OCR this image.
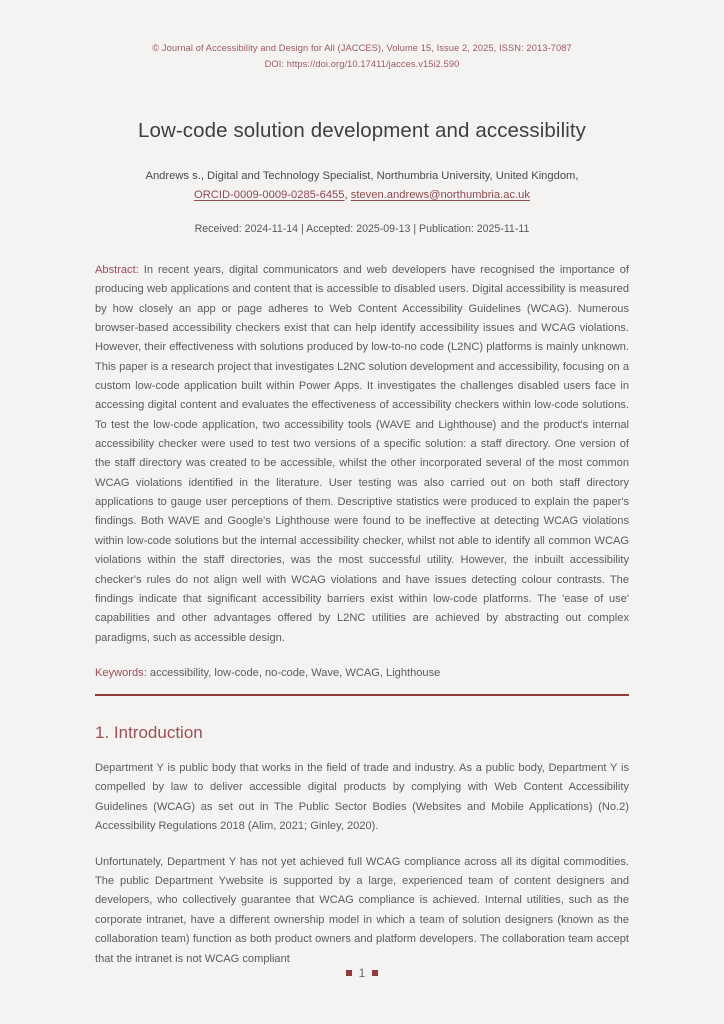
© Journal of Accessibility and Design for All (JACCES), Volume 15, Issue 2, 2025, ISSN: 2013-7087
DOI: https://doi.org/10.17411/jacces.v15i2.590
Low-code solution development and accessibility
Andrews s., Digital and Technology Specialist, Northumbria University, United Kingdom,
ORCID-0009-0009-0285-6455, steven.andrews@northumbria.ac.uk
Received: 2024-11-14 | Accepted: 2025-09-13 | Publication: 2025-11-11

Abstract: In recent years, digital communicators and web developers have recognised the importance of producing web applications and content that is accessible to disabled users. Digital accessibility is measured by how closely an app or page adheres to Web Content Accessibility Guidelines (WCAG). Numerous browser-based accessibility checkers exist that can help identify accessibility issues and WCAG violations. However, their effectiveness with solutions produced by low-to-no code (L2NC) platforms is mainly unknown. This paper is a research project that investigates L2NC solution development and accessibility, focusing on a custom low-code application built within Power Apps. It investigates the challenges disabled users face in accessing digital content and evaluates the effectiveness of accessibility checkers within low-code solutions. To test the low-code application, two accessibility tools (WAVE and Lighthouse) and the product's internal accessibility checker were used to test two versions of a specific solution: a staff directory. One version of the staff directory was created to be accessible, whilst the other incorporated several of the most common WCAG violations identified in the literature. User testing was also carried out on both staff directory applications to gauge user perceptions of them. Descriptive statistics were produced to explain the paper's findings. Both WAVE and Google's Lighthouse were found to be ineffective at detecting WCAG violations within low-code solutions but the internal accessibility checker, whilst not able to identify all common WCAG violations within the staff directories, was the most successful utility. However, the inbuilt accessibility checker's rules do not align well with WCAG violations and have issues detecting colour contrasts. The findings indicate that significant accessibility barriers exist within low-code platforms. The 'ease of use' capabilities and other advantages offered by L2NC utilities are achieved by abstracting out complex paradigms, such as accessible design.

Keywords: accessibility, low-code, no-code, Wave, WCAG, Lighthouse

1. Introduction

Department Y is public body that works in the field of trade and industry. As a public body, Department Y is compelled by law to deliver accessible digital products by complying with Web Content Accessibility Guidelines (WCAG) as set out in The Public Sector Bodies (Websites and Mobile Applications) (No.2) Accessibility Regulations 2018 (Alim, 2021; Ginley, 2020).

Unfortunately, Department Y has not yet achieved full WCAG compliance across all its digital commodities. The public Department Ywebsite is supported by a large, experienced team of content designers and developers, who collectively guarantee that WCAG compliance is achieved. Internal utilities, such as the corporate intranet, have a different ownership model in which a team of solution designers (known as the collaboration team) function as both product owners and platform developers. The collaboration team accept that the intranet is not WCAG compliant

1
